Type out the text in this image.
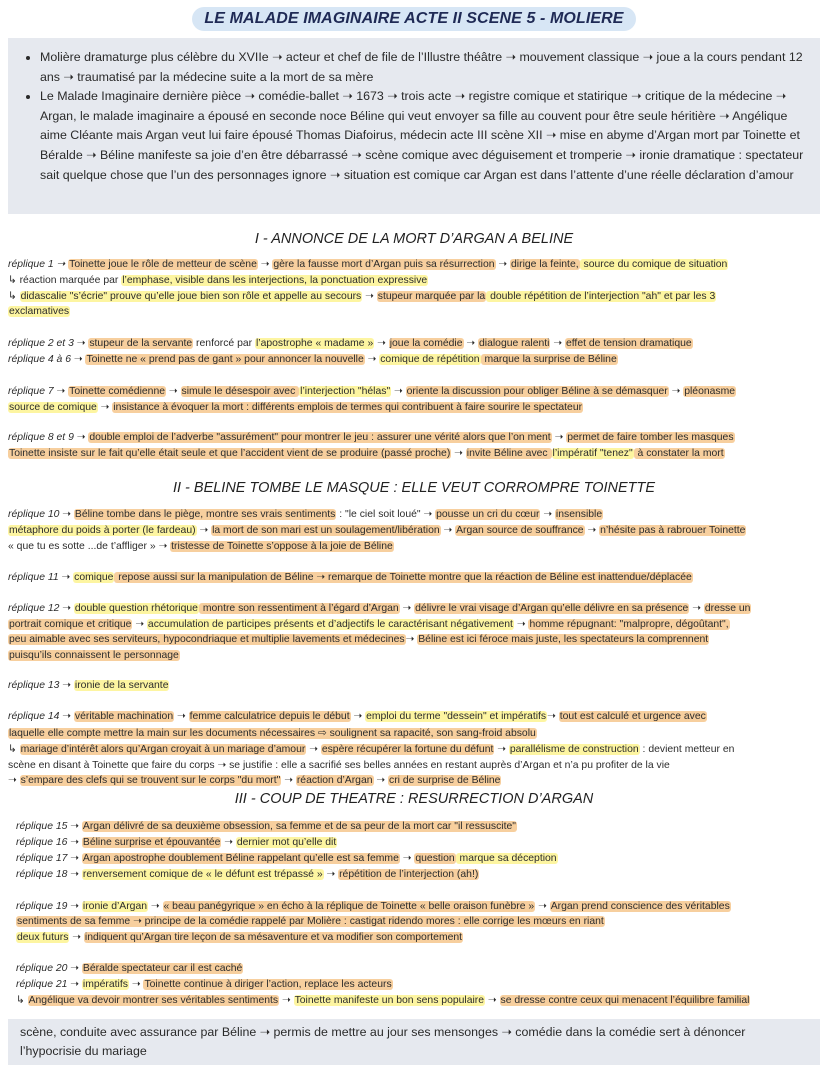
LE MALADE IMAGINAIRE ACTE II SCENE 5 - MOLIERE
• Molière dramaturge plus célèbre du XVIIe ➝ acteur et chef de file de l’Illustre théâtre ➝ mouvement classique ➝ joue a la cours pendant 12 ans ➝ traumatisé par la médecine suite a la mort de sa mère
• Le Malade Imaginaire dernière pièce ➝ comédie-ballet ➝ 1673 ➝ trois acte ➝ registre comique et statirique ➝ critique de la médecine ➝ Argan, le malade imaginaire a épousé en seconde noce Béline qui veut envoyer sa fille au couvent pour être seule héritière ➝ Angélique aime Cléante mais Argan veut lui faire épousé Thomas Diafoirus, médecin acte III scène XII ➝ mise en abyme d’Argan mort par Toinette et Béralde ➝ Béline manifeste sa joie d’en être débarrassé ➝ scène comique avec déguisement et tromperie ➝ ironie dramatique : spectateur sait quelque chose que l’un des personnages ignore ➝ situation est comique car Argan est dans l’attente d’une réelle déclaration d’amour
I - ANNONCE DE LA MORT D’ARGAN A BELINE
réplique 1 ➝ Toinette joue le rôle de metteur de scène ➝ gère la fausse mort d’Argan puis sa résurrection ➝ dirige la feinte, source du comique de situation
↳ réaction marquée par l’emphase, visible dans les interjections, la ponctuation expressive
↳ didascalie "s’écrie" prouve qu’elle joue bien son rôle et appelle au secours ➝ stupeur marquée par la double répétition de l’interjection "ah" et par les 3
exclamatives
réplique 2 et 3 ➝ stupeur de la servante renforcé par l’apostrophe « madame » ➝ joue la comédie ➝ dialogue ralenti ➝ effet de tension dramatique
réplique 4 à 6 ➝ Toinette ne « prend pas de gant » pour annoncer la nouvelle ➝ comique de répétition marque la surprise de Béline
réplique 7 ➝ Toinette comédienne ➝ simule le désespoir avec l’interjection "hélas" ➝ oriente la discussion pour obliger Béline à se démasquer ➝ pléonasme
source de comique ➝ insistance à évoquer la mort : différents emplois de termes qui contribuent à faire sourire le spectateur
réplique 8 et 9 ➝ double emploi de l’adverbe "assurément" pour montrer le jeu : assurer une vérité alors que l’on ment ➝ permet de faire tomber les masques
Toinette insiste sur le fait qu’elle était seule et que l’accident vient de se produire (passé proche) ➝ invite Béline avec l’impératif "tenez" à constater la mort
II - BELINE TOMBE LE MASQUE : ELLE VEUT CORROMPRE TOINETTE
réplique 10 ➝ Béline tombe dans le piège, montre ses vrais sentiments : "le ciel soit loué" ➝ pousse un cri du cœur ➝ insensible
métaphore du poids à porter (le fardeau) ➝ la mort de son mari est un soulagement/libération ➝ Argan source de souffrance ➝ n’hésite pas à rabrouer Toinette
« que tu es sotte ...de t’affliger » ➝ tristesse de Toinette s’oppose à la joie de Béline
réplique 11 ➝ comique repose aussi sur la manipulation de Béline ➝ remarque de Toinette montre que la réaction de Béline est inattendue/déplacée
réplique 12 ➝ double question rhétorique montre son ressentiment à l’égard d’Argan ➝ délivre le vrai visage d’Argan qu’elle délivre en sa présence ➝ dresse un
portrait comique et critique ➝ accumulation de participes présents et d’adjectifs le caractérisant négativement ➝ homme répugnant: "malpropre, dégoûtant",
peu aimable avec ses serviteurs, hypocondriaque et multiplie lavements et médecines➝ Béline est ici féroce mais juste, les spectateurs la comprennent
puisqu’ils connaissent le personnage
réplique 13 ➝ ironie de la servante
réplique 14 ➝ véritable machination ➝ femme calculatrice depuis le début ➝ emploi du terme "dessein" et impératifs➝ tout est calculé et urgence avec
laquelle elle compte mettre la main sur les documents nécessaires ⇨ soulignent sa rapacité, son sang-froid absolu
↳ mariage d’intérêt alors qu’Argan croyait à un mariage d’amour ➝ espère récupérer la fortune du défunt ➝ parallélisme de construction : devient metteur en
scène en disant à Toinette que faire du corps ➝ se justifie : elle a sacrifié ses belles années en restant auprès d’Argan et n’a pu profiter de la vie
➝ s’empare des clefs qui se trouvent sur le corps "du mort" ➝ réaction d’Argan ➝ cri de surprise de Béline
III - COUP DE THEATRE : RESURRECTION D’ARGAN
réplique 15 ➝ Argan délivré de sa deuxième obsession, sa femme et de sa peur de la mort car "il ressuscite"
réplique 16 ➝ Béline surprise et épouvantée ➝ dernier mot qu’elle dit
réplique 17 ➝ Argan apostrophe doublement Béline rappelant qu’elle est sa femme ➝ question marque sa déception
réplique 18 ➝ renversement comique de « le défunt est trépassé » ➝ répétition de l’interjection (ah!)
réplique 19 ➝ ironie d’Argan ➝ « beau panégyrique » en écho à la réplique de Toinette « belle oraison funèbre » ➝ Argan prend conscience des véritables
sentiments de sa femme ➝ principe de la comédie rappelé par Molière : castigat ridendo mores : elle corrige les mœurs en riant
deux futurs ➝ indiquent qu’Argan tire leçon de sa mésaventure et va modifier son comportement
réplique 20 ➝ Béralde spectateur car il est caché
réplique 21 ➝ impératifs ➝ Toinette continue à diriger l’action, replace les acteurs
↳ Angélique va devoir montrer ses véritables sentiments ➝ Toinette manifeste un bon sens populaire ➝ se dresse contre ceux qui menacent l’équilibre familial
scène, conduite avec assurance par Béline ➝ permis de mettre au jour ses mensonges ➝ comédie dans la comédie sert à dénoncer l’hypocrisie du mariage
